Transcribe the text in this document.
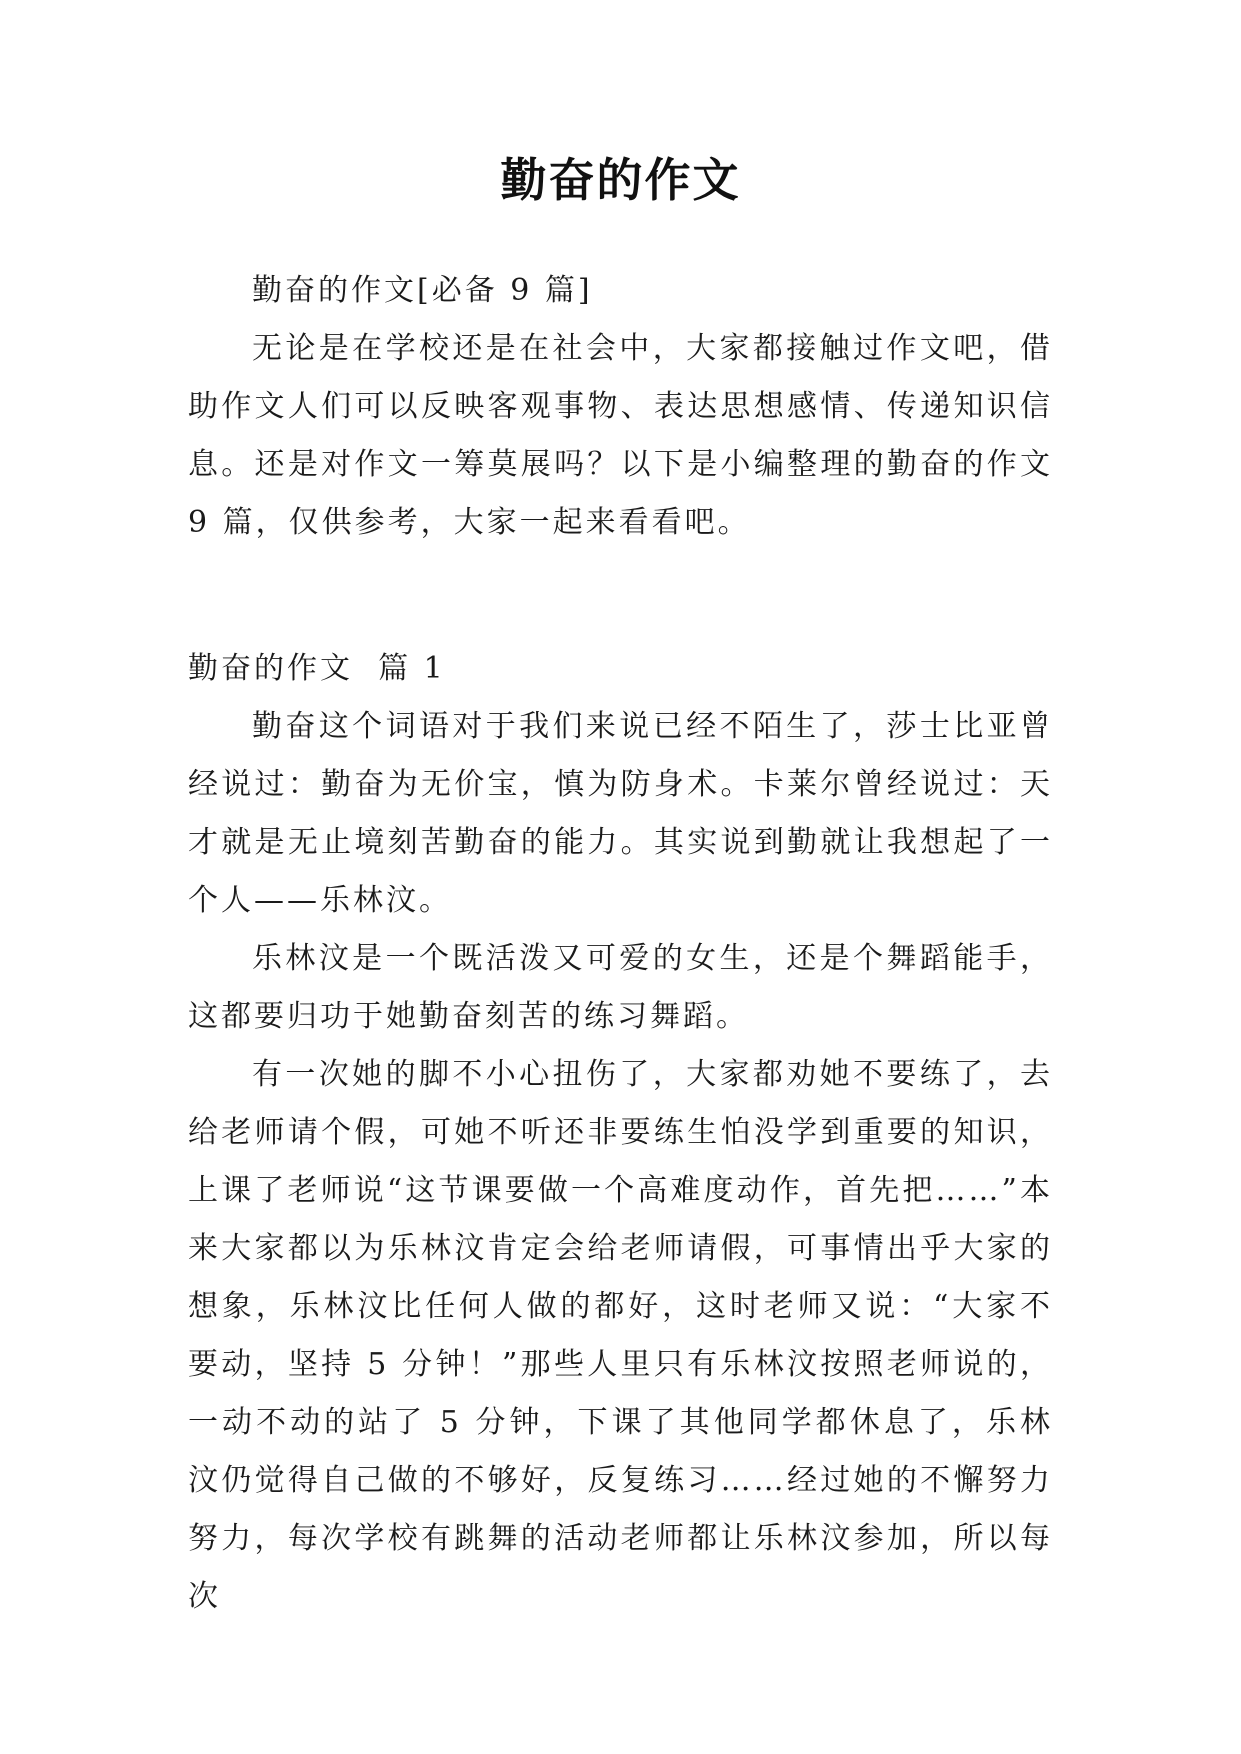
勤奋的作文

勤奋的作文[必备 9 篇]

无论是在学校还是在社会中，大家都接触过作文吧，借助作文人们可以反映客观事物、表达思想感情、传递知识信息。还是对作文一筹莫展吗？以下是小编整理的勤奋的作文 9 篇，仅供参考，大家一起来看看吧。

勤奋的作文  篇 1

勤奋这个词语对于我们来说已经不陌生了，莎士比亚曾经说过：勤奋为无价宝，慎为防身术。卡莱尔曾经说过：天才就是无止境刻苦勤奋的能力。其实说到勤就让我想起了一个人——乐林汶。

乐林汶是一个既活泼又可爱的女生，还是个舞蹈能手，这都要归功于她勤奋刻苦的练习舞蹈。

有一次她的脚不小心扭伤了，大家都劝她不要练了，去给老师请个假，可她不听还非要练生怕没学到重要的知识，上课了老师说“这节课要做一个高难度动作，首先把……”本来大家都以为乐林汶肯定会给老师请假，可事情出乎大家的想象，乐林汶比任何人做的都好，这时老师又说：“大家不要动，坚持 5 分钟！”那些人里只有乐林汶按照老师说的，一动不动的站了 5 分钟，下课了其他同学都休息了，乐林汶仍觉得自己做的不够好，反复练习……经过她的不懈努力努力，每次学校有跳舞的活动老师都让乐林汶参加，所以每次
